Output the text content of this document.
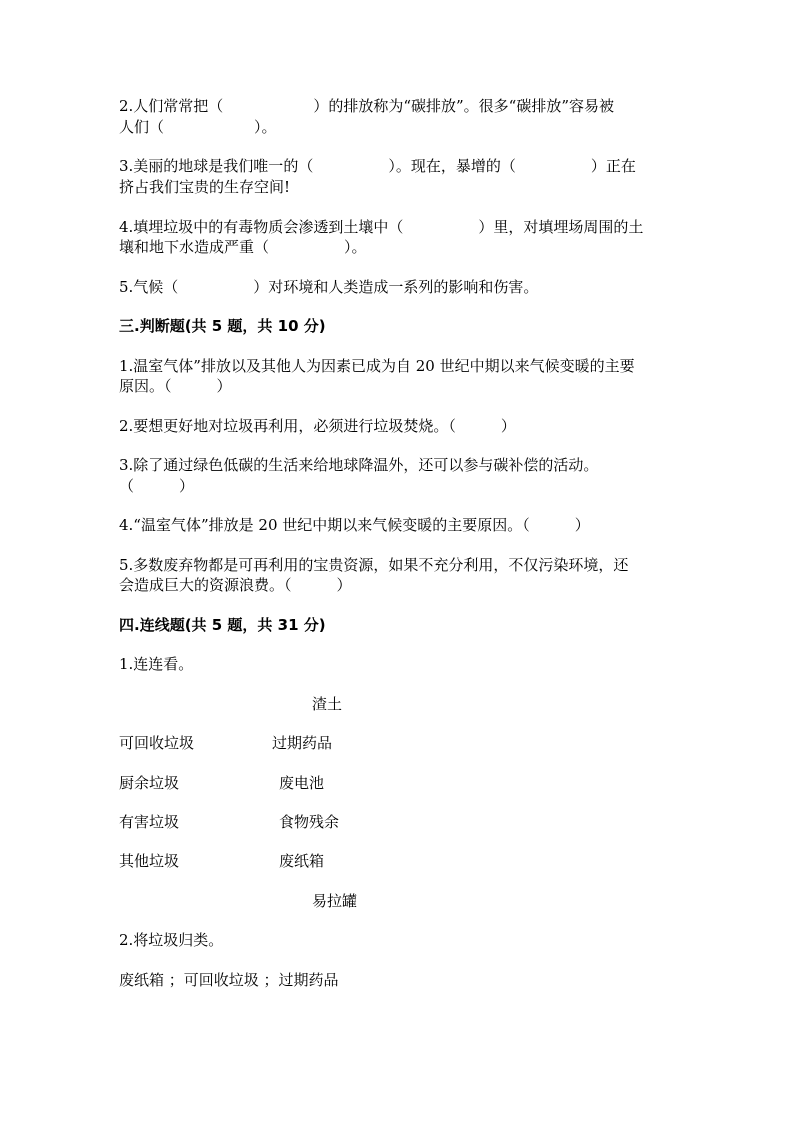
2.人们常常把（　　　　　　）的排放称为“碳排放”。很多“碳排放”容易被
人们（　　　　　　）。
3.美丽的地球是我们唯一的（　　　　　）。现在，暴增的（　　　　　）正在
挤占我们宝贵的生存空间!
4.填埋垃圾中的有毒物质会渗透到土壤中（　　　　　）里，对填埋场周围的土
壤和地下水造成严重（　　　　　）。
5.气候（　　　　　）对环境和人类造成一系列的影响和伤害。
三.判断题(共 5 题，共 10 分)
1.温室气体”排放以及其他人为因素已成为自 20 世纪中期以来气候变暖的主要
原因。（　　　）
2.要想更好地对垃圾再利用，必须进行垃圾焚烧。（　　　）
3.除了通过绿色低碳的生活来给地球降温外，还可以参与碳补偿的活动。
（　　　）
4.“温室气体”排放是 20 世纪中期以来气候变暖的主要原因。（　　　）
5.多数废弃物都是可再利用的宝贵资源，如果不充分利用，不仅污染环境，还
会造成巨大的资源浪费。（　　　）
四.连线题(共 5 题，共 31 分)
1.连连看。
渣土
可回收垃圾	过期药品
厨余垃圾	废电池
有害垃圾	食物残余
其他垃圾	废纸箱
易拉罐
2.将垃圾归类。
废纸箱 ；可回收垃圾 ；过期药品
